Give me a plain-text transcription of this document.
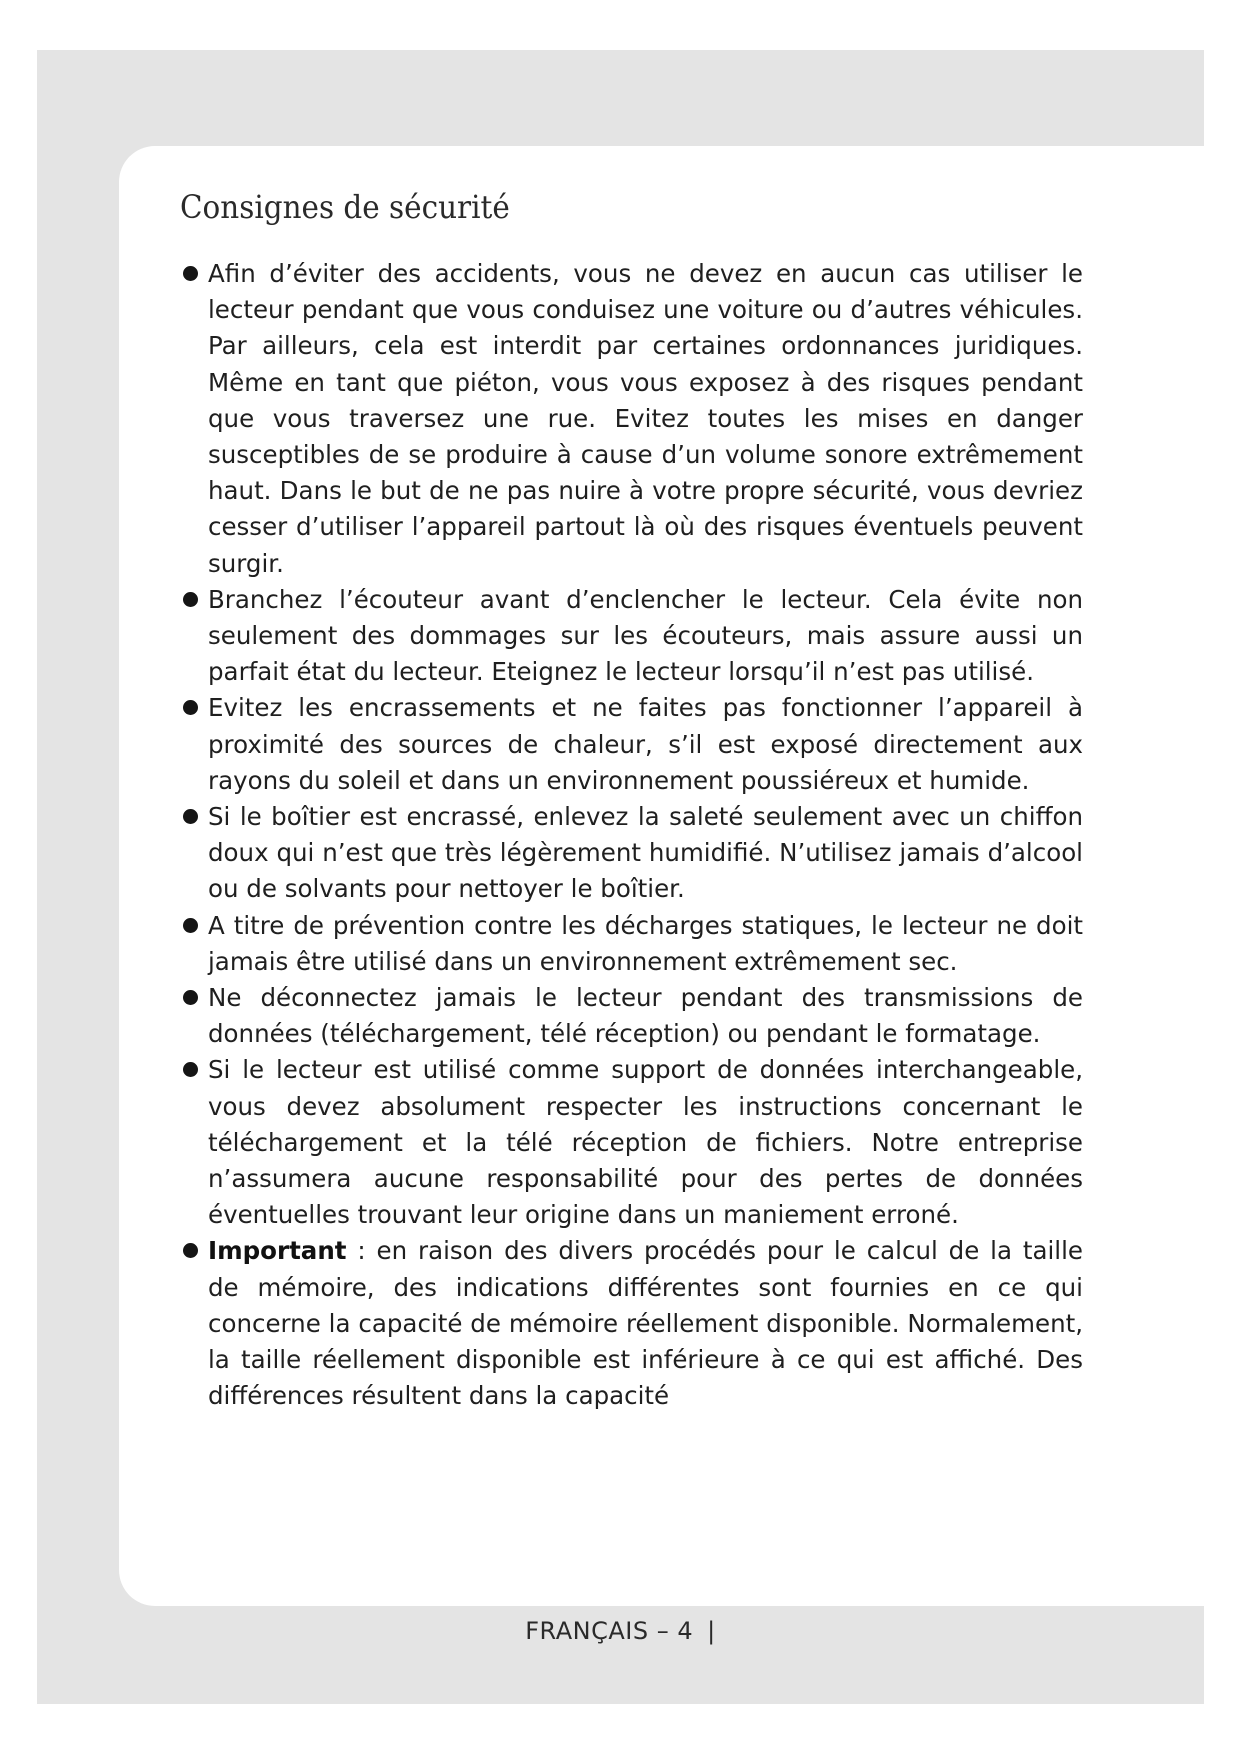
Consignes de sécurité
Afin d’éviter des accidents, vous ne devez en aucun cas utiliser le lecteur pendant que vous conduisez une voiture ou d’autres véhicules. Par ailleurs, cela est interdit par certaines ordonnances juridiques. Même en tant que piéton, vous vous exposez à des risques pendant que vous traversez une rue. Evitez toutes les mises en danger susceptibles de se produire à cause d’un volume sonore extrêmement haut. Dans le but de ne pas nuire à votre propre sécurité, vous devriez cesser d’utiliser l’appareil partout là où des risques éventuels peuvent surgir.
Branchez l’écouteur avant d’enclencher le lecteur. Cela évite non seulement des dommages sur les écouteurs, mais assure aussi un parfait état du lecteur. Eteignez le lecteur lorsqu’il n’est pas utilisé.
Evitez les encrassements et ne faites pas fonctionner l’appareil à proximité des sources de chaleur, s’il est exposé directement aux rayons du soleil et dans un environnement poussiéreux et humide.
Si le boîtier est encrassé, enlevez la saleté seulement avec un chiffon doux qui n’est que très légèrement humidifié. N’utilisez jamais d’alcool ou de solvants pour nettoyer le boîtier.
A titre de prévention contre les décharges statiques, le lecteur ne doit jamais être utilisé dans un environnement extrêmement sec.
Ne déconnectez jamais le lecteur pendant des transmissions de données (téléchargement, télé réception) ou pendant le formatage.
Si le lecteur est utilisé comme support de données interchangeable, vous devez absolument respecter les instructions concernant le téléchargement et la télé réception de fichiers. Notre entreprise n’assumera aucune responsabilité pour des pertes de données éventuelles trouvant leur origine dans un maniement erroné.
Important : en raison des divers procédés pour le calcul de la taille de mémoire, des indications différentes sont fournies en ce qui concerne la capacité de mémoire réellement disponible. Normalement, la taille réellement disponible est inférieure à ce qui est affiché. Des différences résultent dans la capacité
FRANÇAIS – 4 |
